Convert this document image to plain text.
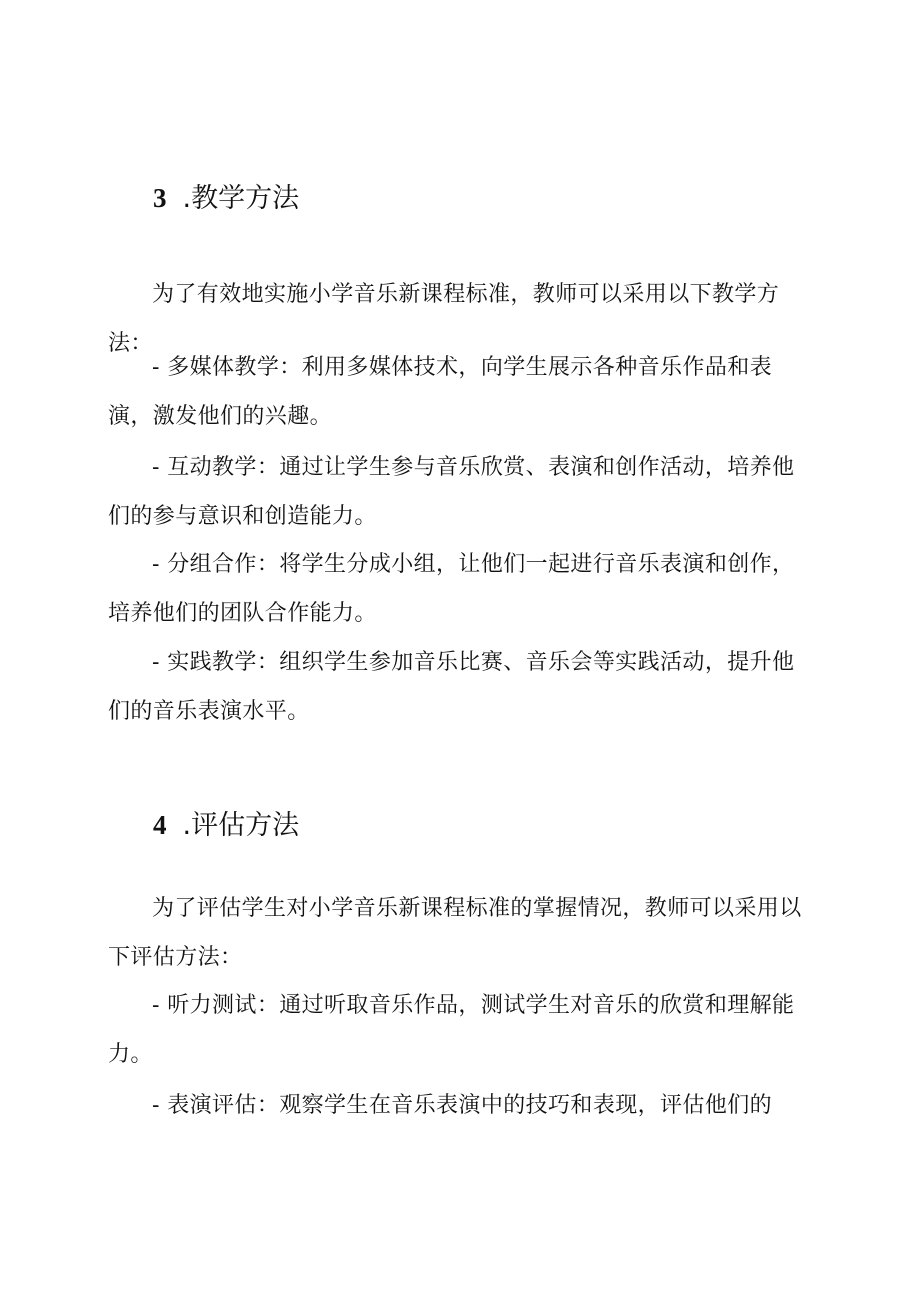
3 .教学方法

为了有效地实施小学音乐新课程标准，教师可以采用以下教学方法：

- 多媒体教学：利用多媒体技术，向学生展示各种音乐作品和表演，激发他们的兴趣。

- 互动教学：通过让学生参与音乐欣赏、表演和创作活动，培养他们的参与意识和创造能力。

- 分组合作：将学生分成小组，让他们一起进行音乐表演和创作，培养他们的团队合作能力。

- 实践教学：组织学生参加音乐比赛、音乐会等实践活动，提升他们的音乐表演水平。

4 .评估方法

为了评估学生对小学音乐新课程标准的掌握情况，教师可以采用以下评估方法：

- 听力测试：通过听取音乐作品，测试学生对音乐的欣赏和理解能力。

- 表演评估：观察学生在音乐表演中的技巧和表现，评估他们的
